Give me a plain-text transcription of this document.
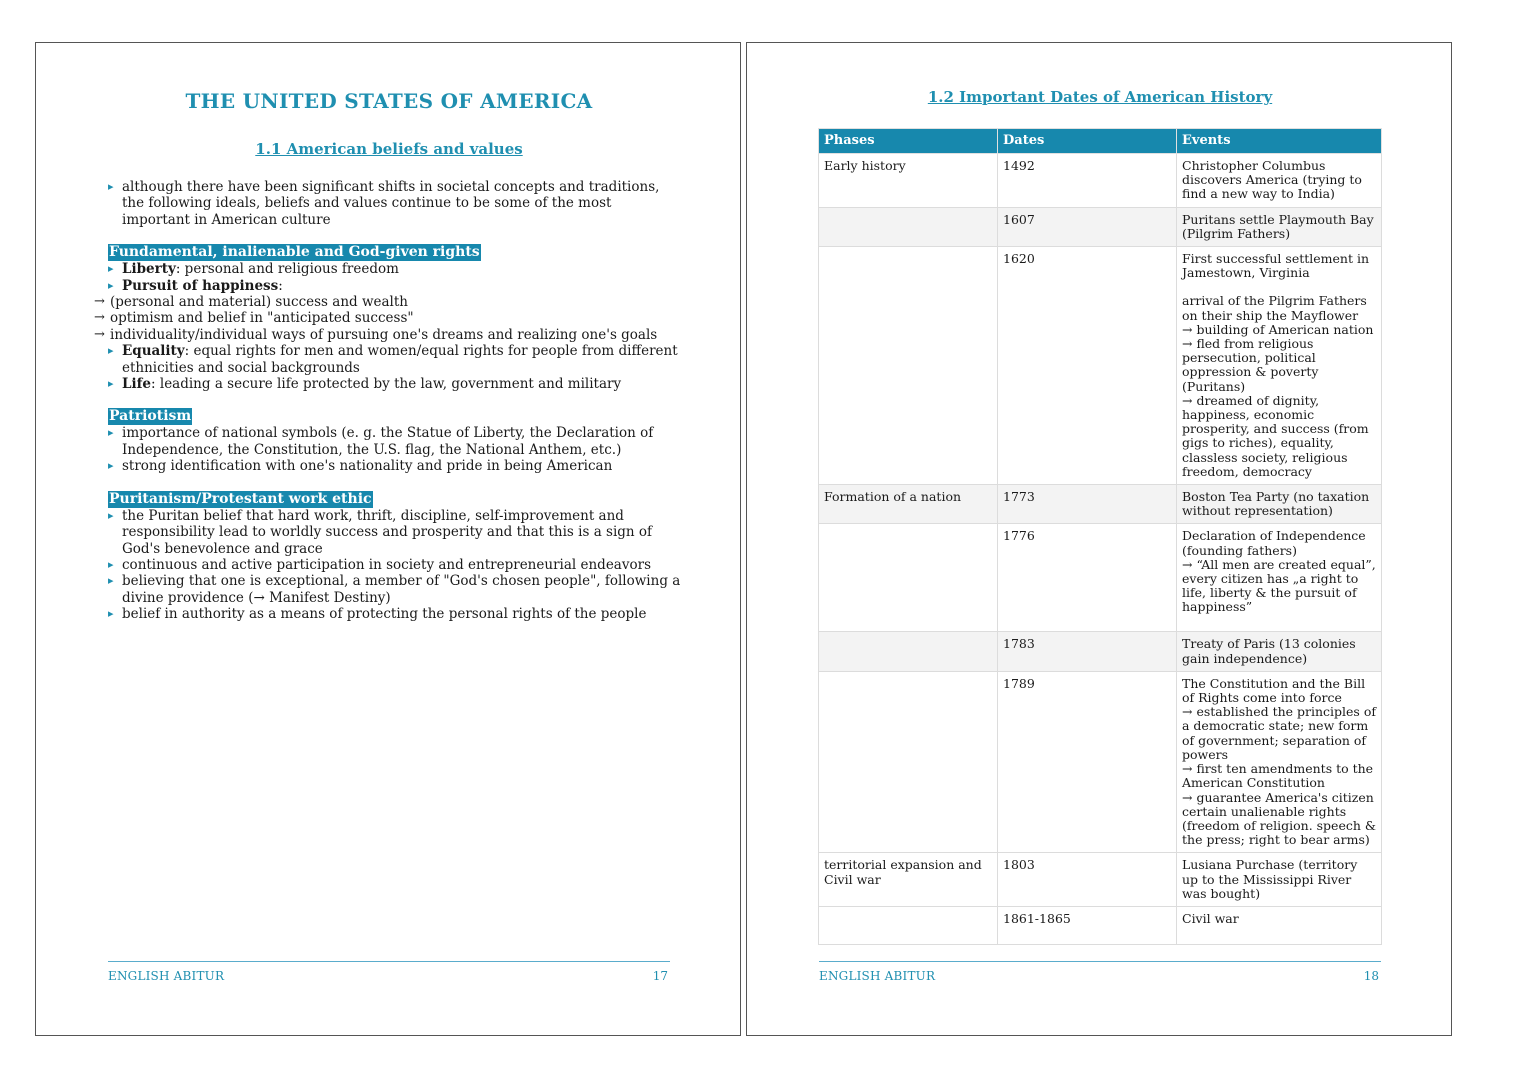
THE UNITED STATES OF AMERICA
1.1 American beliefs and values
▸ although there have been significant shifts in societal concepts and traditions, the following ideals, beliefs and values continue to be some of the most important in American culture
Fundamental, inalienable and God-given rights
▸ Liberty: personal and religious freedom
▸ Pursuit of happiness:
→ (personal and material) success and wealth
→ optimism and belief in "anticipated success"
→ individuality/individual ways of pursuing one's dreams and realizing one's goals
▸ Equality: equal rights for men and women/equal rights for people from different ethnicities and social backgrounds
▸ Life: leading a secure life protected by the law, government and military
Patriotism
▸ importance of national symbols (e. g. the Statue of Liberty, the Declaration of Independence, the Constitution, the U.S. flag, the National Anthem, etc.)
▸ strong identification with one's nationality and pride in being American
Puritanism/Protestant work ethic
▸ the Puritan belief that hard work, thrift, discipline, self-improvement and responsibility lead to worldly success and prosperity and that this is a sign of God's benevolence and grace
▸ continuous and active participation in society and entrepreneurial endeavors
▸ believing that one is exceptional, a member of "God's chosen people", following a divine providence (→ Manifest Destiny)
▸ belief in authority as a means of protecting the personal rights of the people
ENGLISH ABITUR	17
1.2 Important Dates of American History
Phases	Dates	Events
Early history	1492	Christopher Columbus discovers America (trying to find a new way to India)
	1607	Puritans settle Playmouth Bay (Pilgrim Fathers)
	1620	First successful settlement in Jamestown, Virginia
arrival of the Pilgrim Fathers on their ship the Mayflower
→ building of American nation
→ fled from religious persecution, political oppression & poverty (Puritans)
→ dreamed of dignity, happiness, economic prosperity, and success (from gigs to riches), equality, classless society, religious freedom, democracy
Formation of a nation	1773	Boston Tea Party (no taxation without representation)
	1776	Declaration of Independence (founding fathers)
→ “All men are created equal”, every citizen has „a right to life, liberty & the pursuit of happiness”
	1783	Treaty of Paris (13 colonies gain independence)
	1789	The Constitution and the Bill of Rights come into force
→ established the principles of a democratic state; new form of government; separation of powers
→ first ten amendments to the American Constitution
→ guarantee America's citizen certain unalienable rights (freedom of religion. speech & the press; right to bear arms)
territorial expansion and Civil war	1803	Lusiana Purchase (territory up to the Mississippi River was bought)
	1861-1865	Civil war
ENGLISH ABITUR	18
